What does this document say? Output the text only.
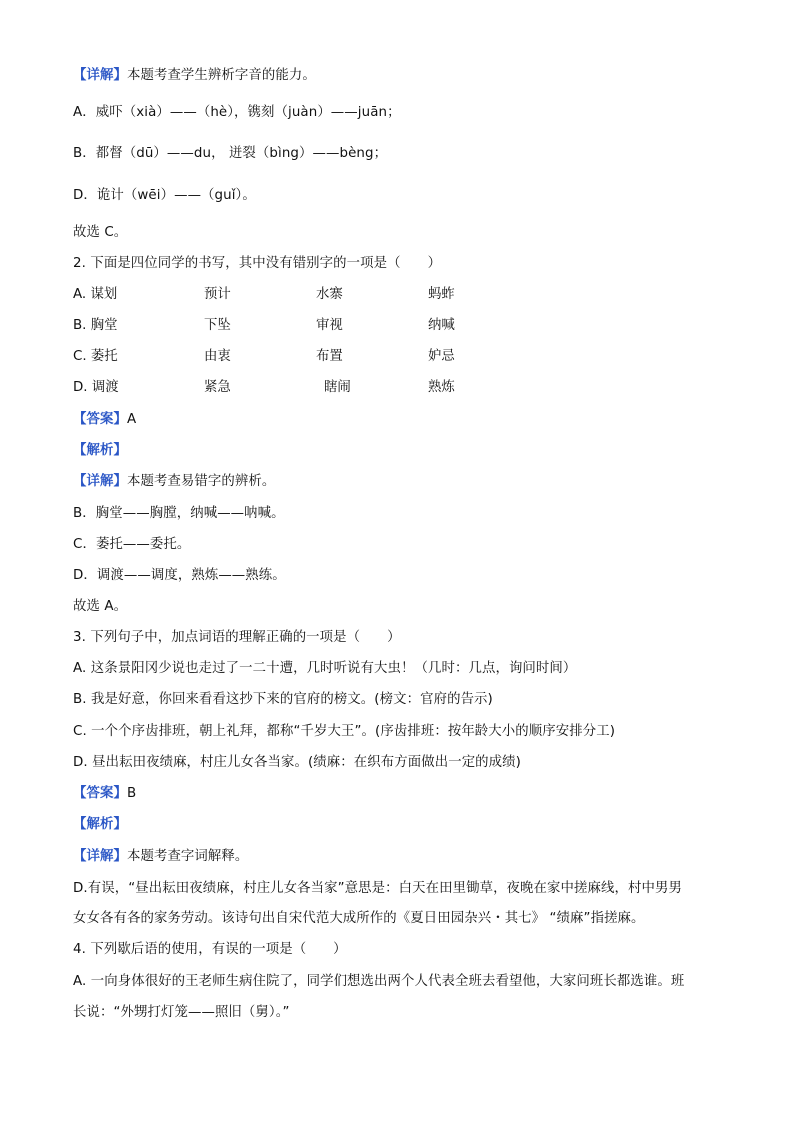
【详解】本题考查学生辨析字音的能力。
A．威吓（xià）——（hè），镌刻（juàn）——juān；
B．都督（dū）——du， 迸裂（bìng）——bèng；
D．诡计（wēi）——（guǐ）。
故选 C。
2. 下面是四位同学的书写，其中没有错别字的一项是（　　）
A. 谋划	预计	水寨	蚂蚱
B. 胸堂	下坠	审视	纳喊
C. 萎托	由衷	布置	妒忌
D. 调渡	紧急	瞎闹	熟炼
【答案】A
【解析】
【详解】本题考查易错字的辨析。
B．胸堂——胸膛，纳喊——呐喊。
C．萎托——委托。
D．调渡——调度，熟炼——熟练。
故选 A。
3. 下列句子中，加点词语的理解正确的一项是（　　）
A. 这条景阳冈少说也走过了一二十遭，几时听说有大虫！（几时：几点，询问时间）
B. 我是好意，你回来看看这抄下来的官府的榜文。(榜文：官府的告示)
C. 一个个序齿排班，朝上礼拜，都称“千岁大王”。(序齿排班：按年龄大小的顺序安排分工)
D. 昼出耘田夜绩麻，村庄儿女各当家。(绩麻：在织布方面做出一定的成绩)
【答案】B
【解析】
【详解】本题考查字词解释。
D.有误，“昼出耘田夜绩麻，村庄儿女各当家”意思是：白天在田里锄草，夜晚在家中搓麻线，村中男男
女女各有各的家务劳动。该诗句出自宋代范大成所作的《夏日田园杂兴・其七》 “绩麻”指搓麻。
4. 下列歇后语的使用，有误的一项是（　　）
A. 一向身体很好的王老师生病住院了，同学们想选出两个人代表全班去看望他，大家问班长都选谁。班
长说：“外甥打灯笼——照旧（舅）。”
